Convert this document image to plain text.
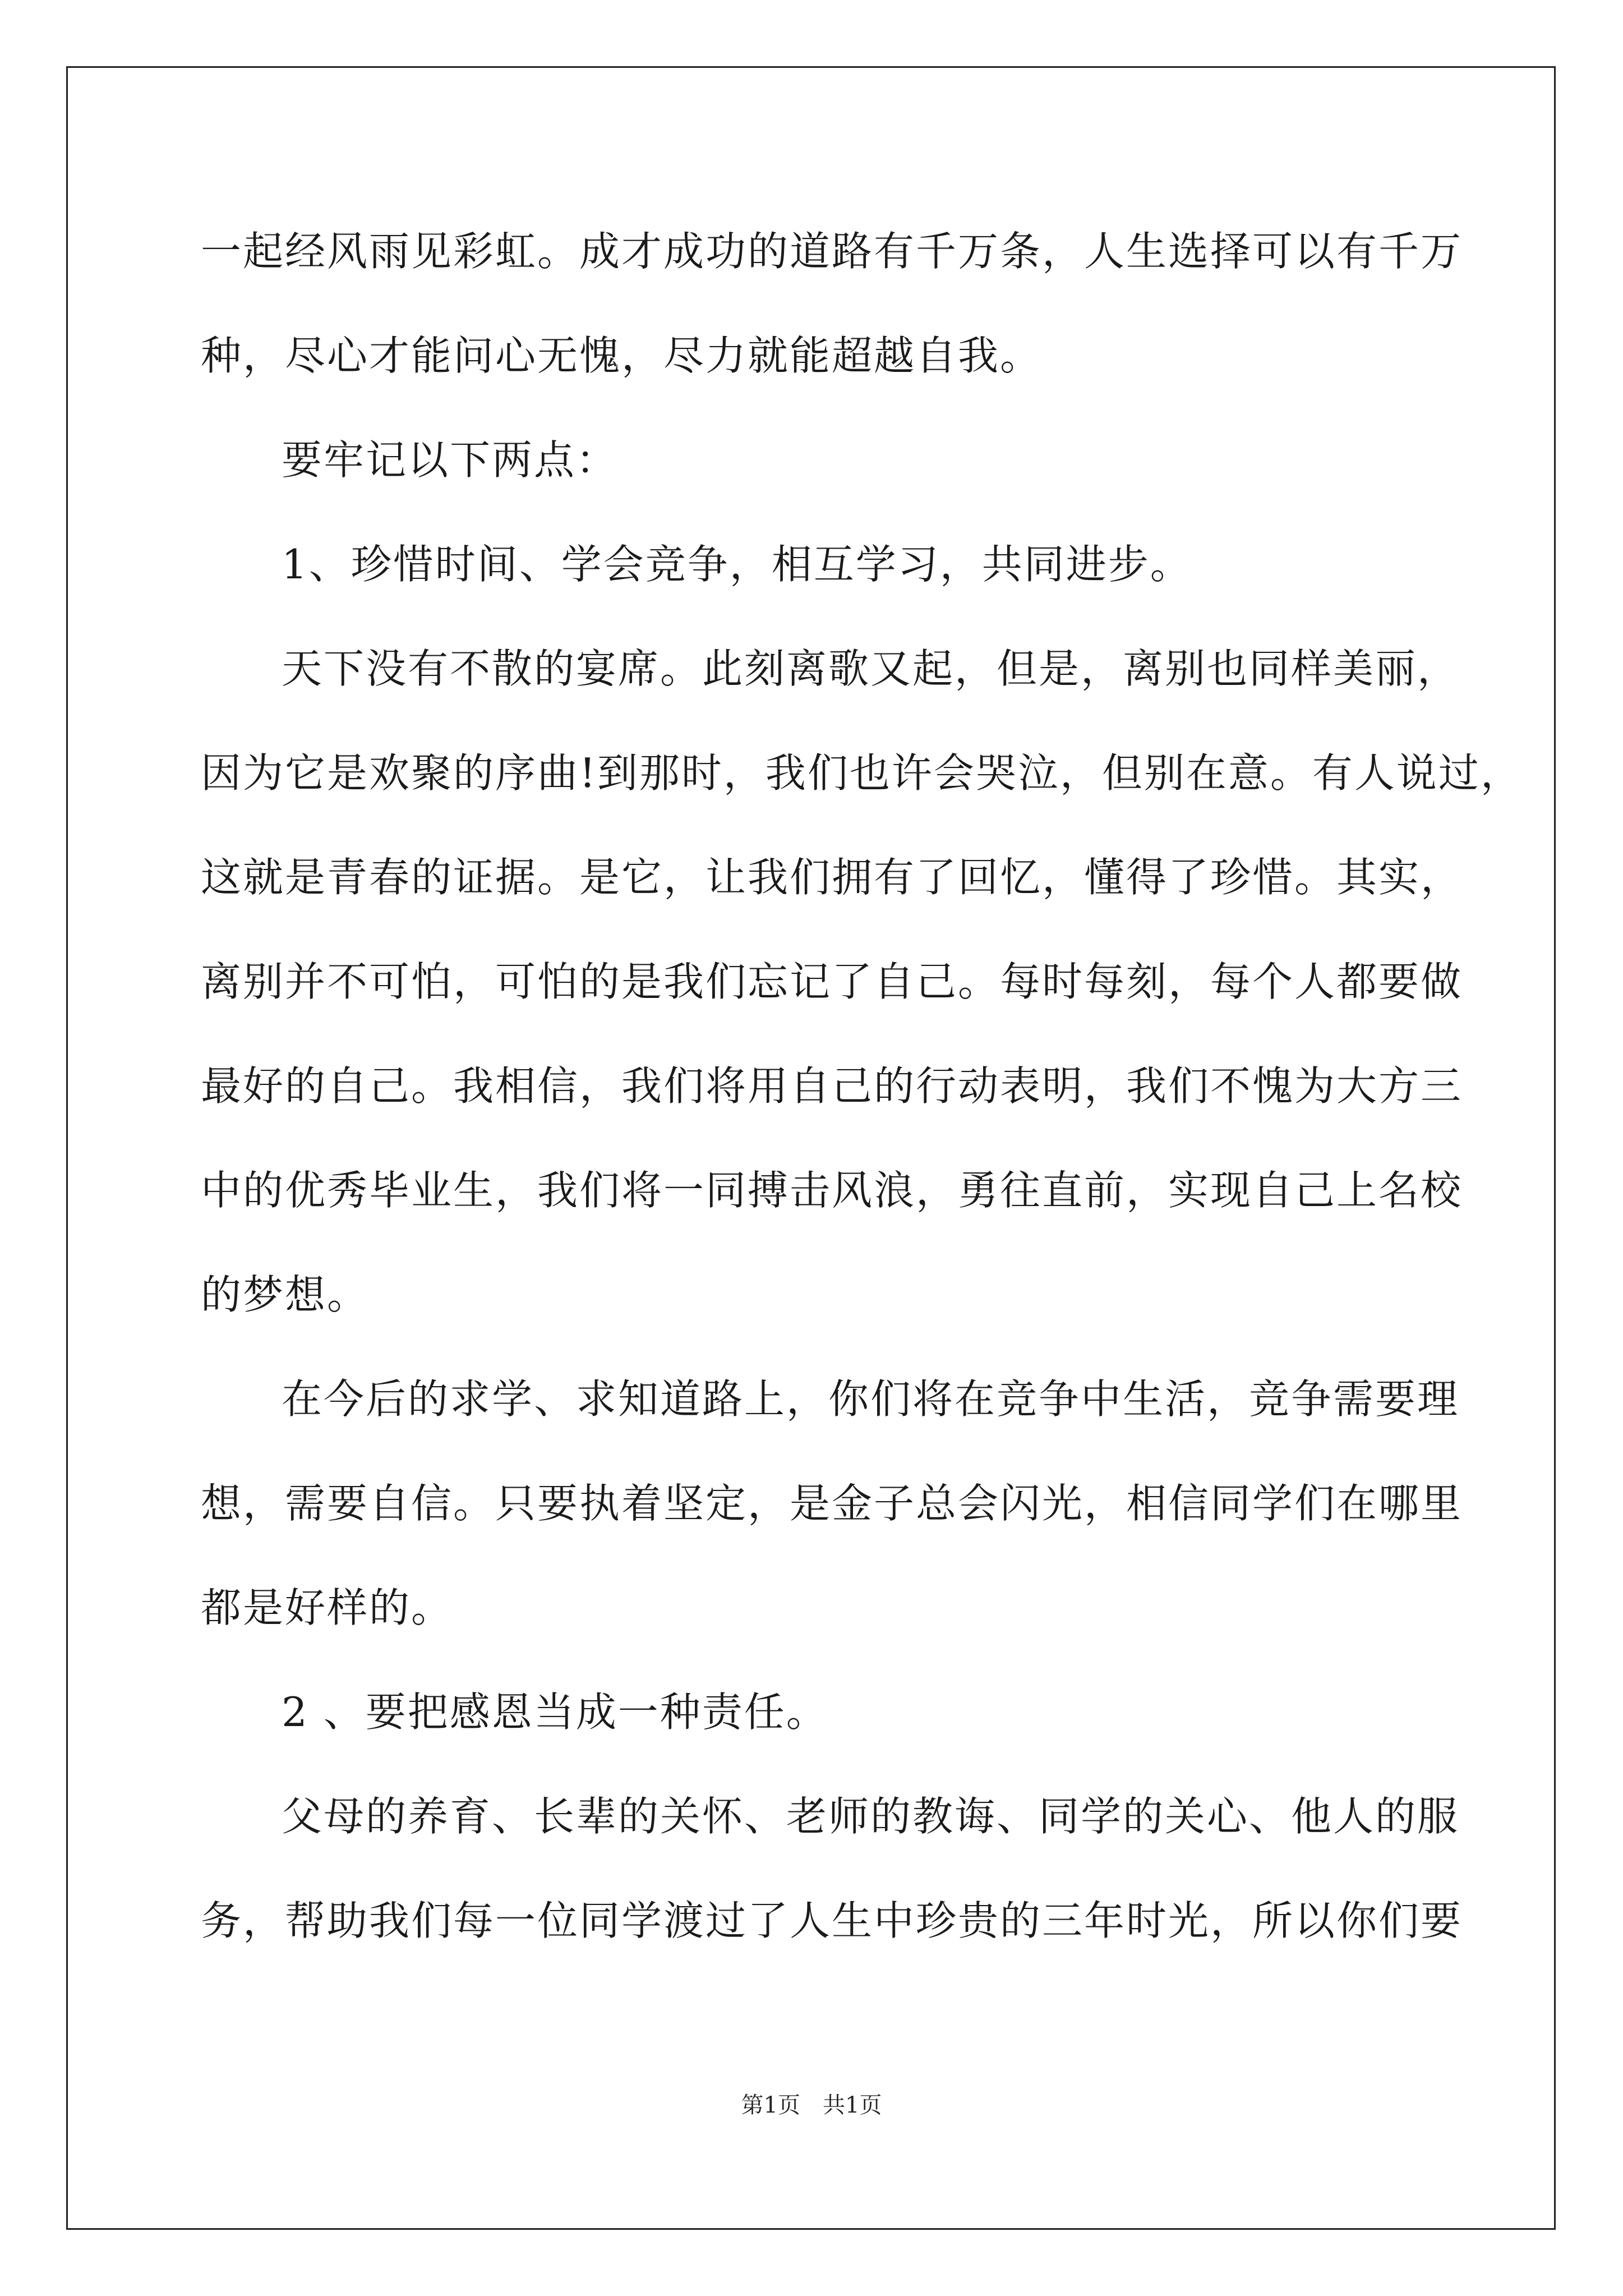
一起经风雨见彩虹。成才成功的道路有千万条，人生选择可以有千万
种，尽心才能问心无愧，尽力就能超越自我。
要牢记以下两点：
1、珍惜时间、学会竞争，相互学习，共同进步。
天下没有不散的宴席。此刻离歌又起，但是，离别也同样美丽，
因为它是欢聚的序曲!到那时，我们也许会哭泣，但别在意。有人说过，
这就是青春的证据。是它，让我们拥有了回忆，懂得了珍惜。其实，
离别并不可怕，可怕的是我们忘记了自己。每时每刻，每个人都要做
最好的自己。我相信，我们将用自己的行动表明，我们不愧为大方三
中的优秀毕业生，我们将一同搏击风浪，勇往直前，实现自己上名校
的梦想。
在今后的求学、求知道路上，你们将在竞争中生活，竞争需要理
想，需要自信。只要执着坚定，是金子总会闪光，相信同学们在哪里
都是好样的。
2 、要把感恩当成一种责任。
父母的养育、长辈的关怀、老师的教诲、同学的关心、他人的服
务，帮助我们每一位同学渡过了人生中珍贵的三年时光，所以你们要
第1页　共1页
